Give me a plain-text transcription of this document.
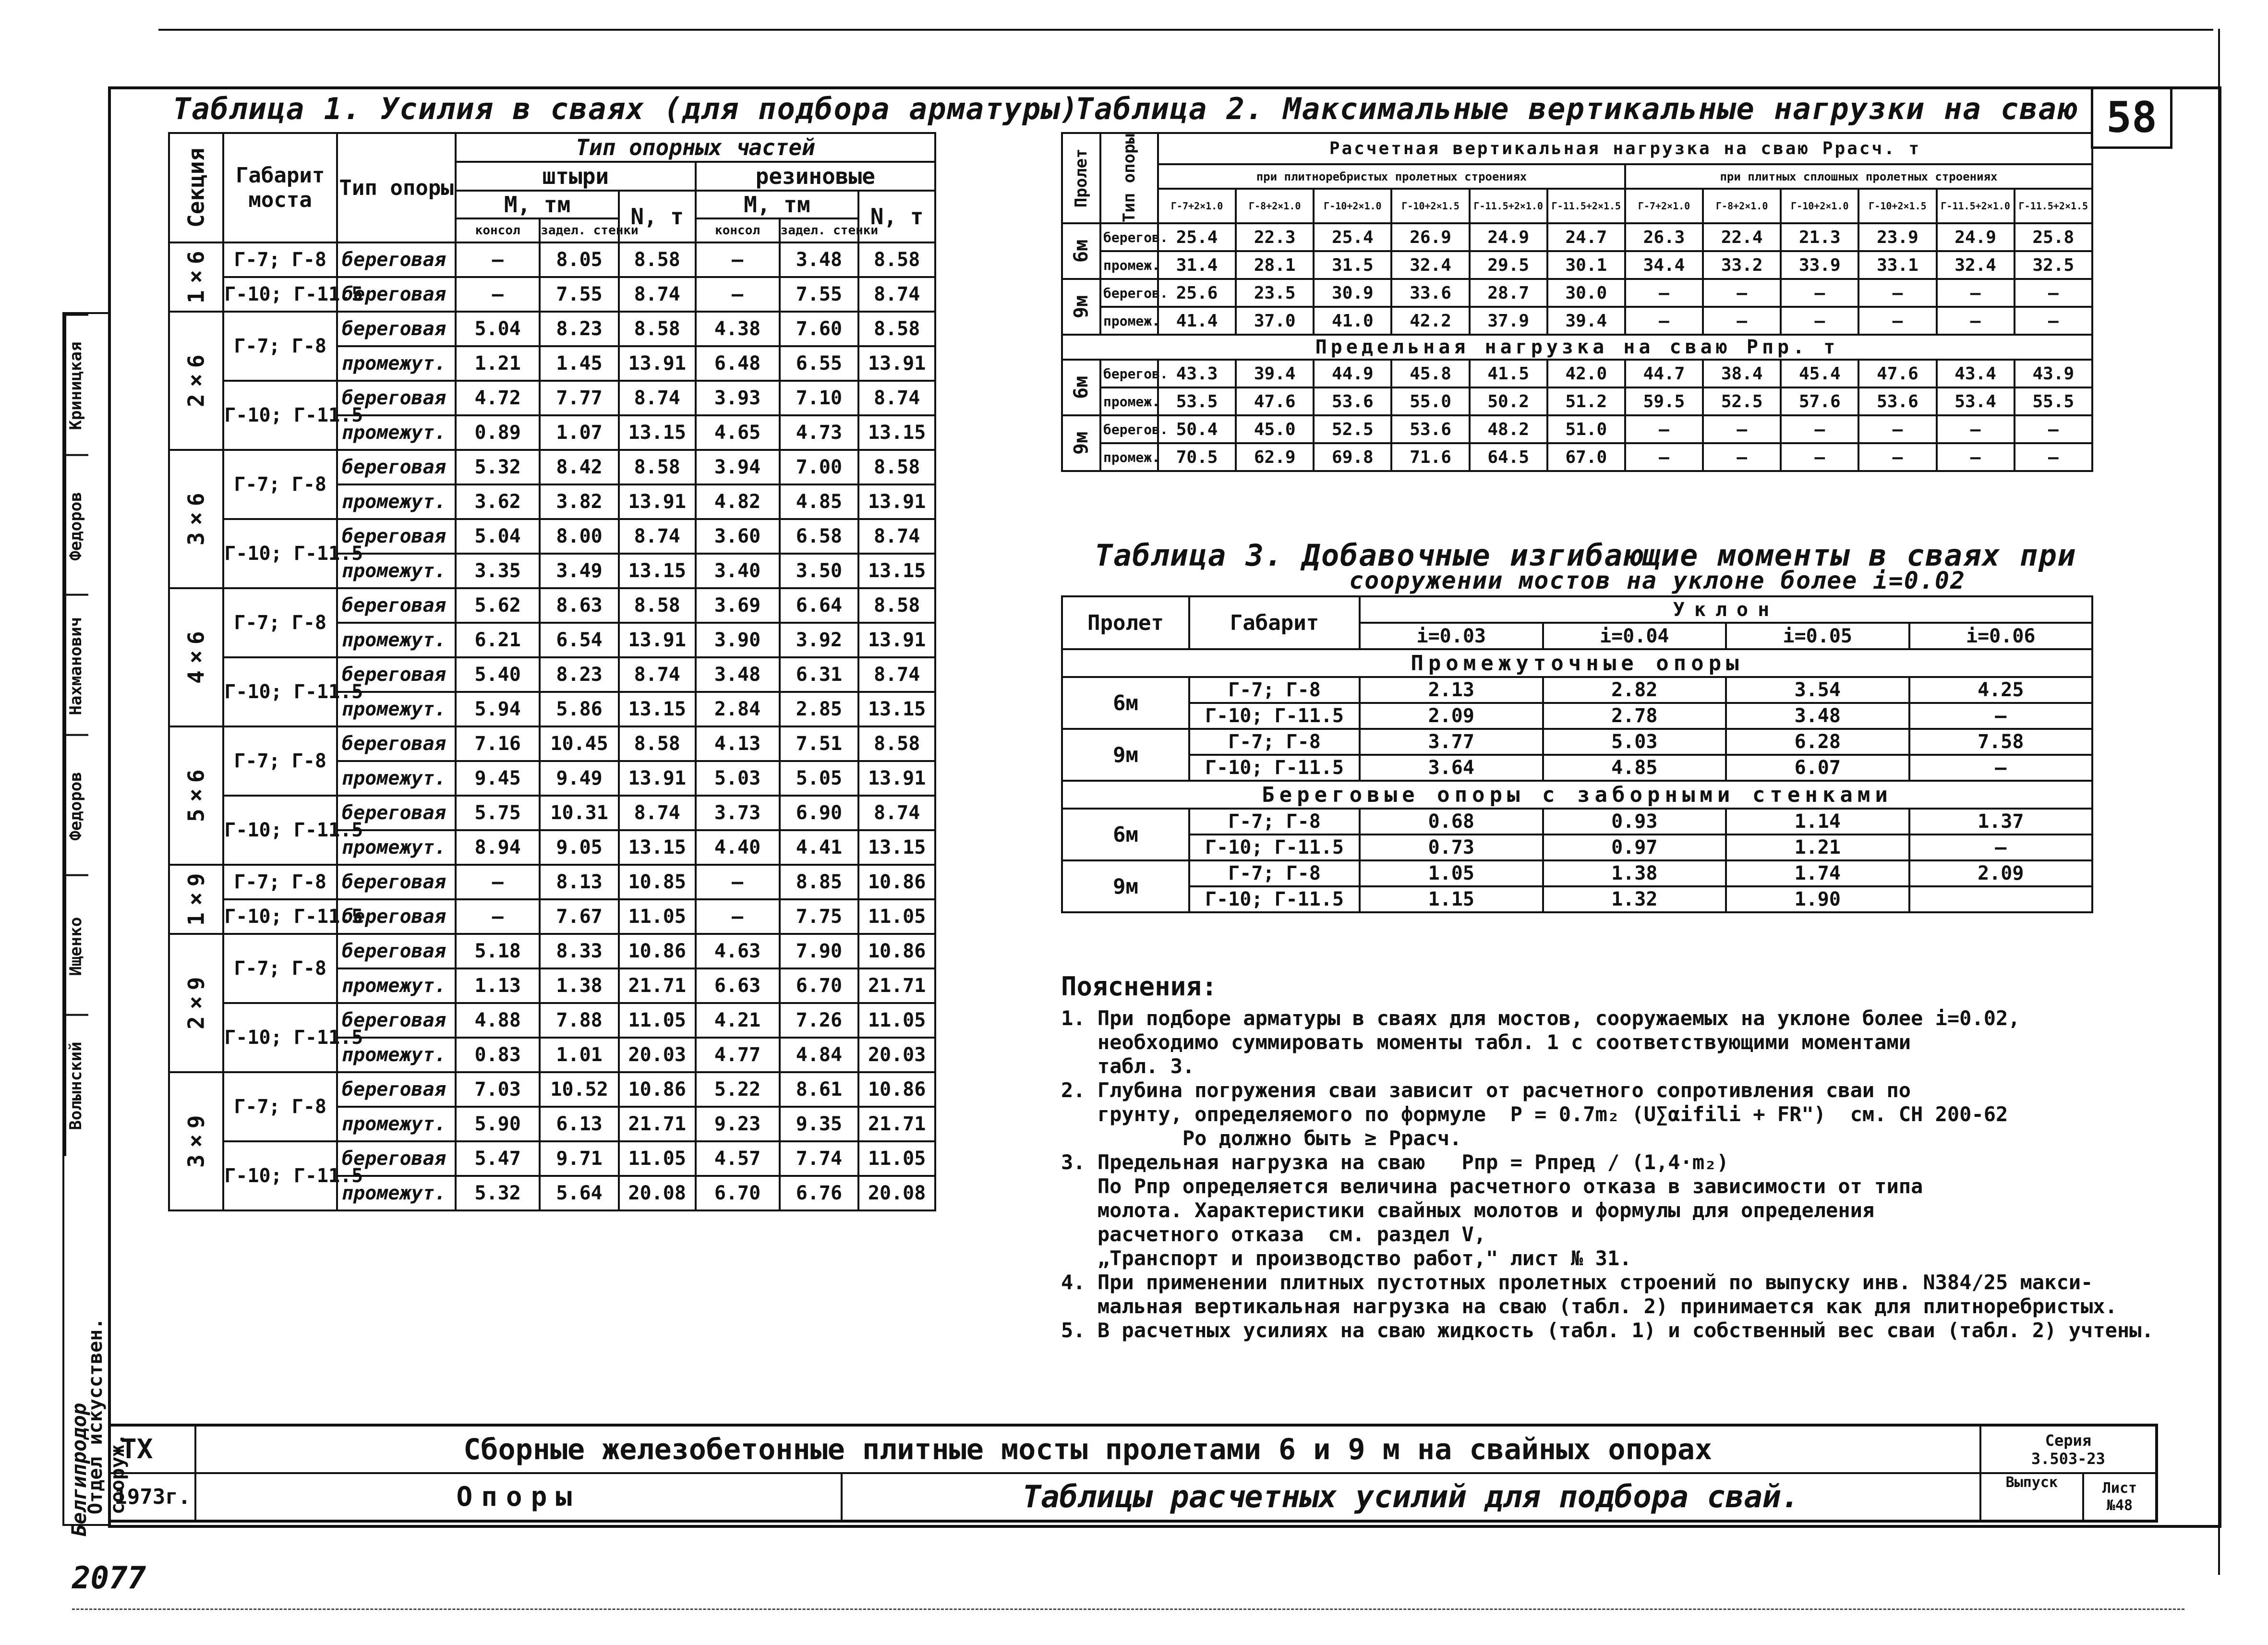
58
Криницкая
Федоров
Нахманович
Федоров
Ищенко
Волынский
Отдел искусствен. сооруж.
Белгипродор
Таблица 1. Усилия в сваях (для подбора арматуры)
Секция	Габарит моста	Тип опоры	Тип опорных частей					
			штыри			резиновые		
			M, тм		N, т	M, тм		N, т
			консол	задел. стенки		консол	задел. стенки	
1×6	Г-7; Г-8	береговая	—	8.05	8.58	—	3.48	8.58
	Г-10; Г-11.5	береговая	—	7.55	8.74	—	7.55	8.74
2×6	Г-7; Г-8	береговая	5.04	8.23	8.58	4.38	7.60	8.58
		промежут.	1.21	1.45	13.91	6.48	6.55	13.91
	Г-10; Г-11.5	береговая	4.72	7.77	8.74	3.93	7.10	8.74
		промежут.	0.89	1.07	13.15	4.65	4.73	13.15
3×6	Г-7; Г-8	береговая	5.32	8.42	8.58	3.94	7.00	8.58
		промежут.	3.62	3.82	13.91	4.82	4.85	13.91
	Г-10; Г-11.5	береговая	5.04	8.00	8.74	3.60	6.58	8.74
		промежут.	3.35	3.49	13.15	3.40	3.50	13.15
4×6	Г-7; Г-8	береговая	5.62	8.63	8.58	3.69	6.64	8.58
		промежут.	6.21	6.54	13.91	3.90	3.92	13.91
	Г-10; Г-11.5	береговая	5.40	8.23	8.74	3.48	6.31	8.74
		промежут.	5.94	5.86	13.15	2.84	2.85	13.15
5×6	Г-7; Г-8	береговая	7.16	10.45	8.58	4.13	7.51	8.58
		промежут.	9.45	9.49	13.91	5.03	5.05	13.91
	Г-10; Г-11.5	береговая	5.75	10.31	8.74	3.73	6.90	8.74
		промежут.	8.94	9.05	13.15	4.40	4.41	13.15
1×9	Г-7; Г-8	береговая	—	8.13	10.85	—	8.85	10.86
	Г-10; Г-11.5	береговая	—	7.67	11.05	—	7.75	11.05
2×9	Г-7; Г-8	береговая	5.18	8.33	10.86	4.63	7.90	10.86
		промежут.	1.13	1.38	21.71	6.63	6.70	21.71
	Г-10; Г-11.5	береговая	4.88	7.88	11.05	4.21	7.26	11.05
		промежут.	0.83	1.01	20.03	4.77	4.84	20.03
3×9	Г-7; Г-8	береговая	7.03	10.52	10.86	5.22	8.61	10.86
		промежут.	5.90	6.13	21.71	9.23	9.35	21.71
	Г-10; Г-11.5	береговая	5.47	9.71	11.05	4.57	7.74	11.05
		промежут.	5.32	5.64	20.08	6.70	6.76	20.08
Таблица 2. Максимальные вертикальные нагрузки на сваю
Пролет	Тип опоры	Расчетная вертикальная нагрузка на сваю Ррасч. т											
		при плитноребристых пролетных строениях						при плитных сплошных пролетных строениях					
		Г-7+2×1.0	Г-8+2×1.0	Г-10+2×1.0	Г-10+2×1.5	Г-11.5+2×1.0	Г-11.5+2×1.5	Г-7+2×1.0	Г-8+2×1.0	Г-10+2×1.0	Г-10+2×1.5	Г-11.5+2×1.0	Г-11.5+2×1.5
6м	берегов.	25.4	22.3	25.4	26.9	24.9	24.7	26.3	22.4	21.3	23.9	24.9	25.8
	промеж.	31.4	28.1	31.5	32.4	29.5	30.1	34.4	33.2	33.9	33.1	32.4	32.5
9м	берегов.	25.6	23.5	30.9	33.6	28.7	30.0	—	—	—	—	—	—
	промеж.	41.4	37.0	41.0	42.2	37.9	39.4	—	—	—	—	—	—
Предельная нагрузка на сваю Рпр. т													
6м	берегов.	43.3	39.4	44.9	45.8	41.5	42.0	44.7	38.4	45.4	47.6	43.4	43.9
	промеж.	53.5	47.6	53.6	55.0	50.2	51.2	59.5	52.5	57.6	53.6	53.4	55.5
9м	берегов.	50.4	45.0	52.5	53.6	48.2	51.0	—	—	—	—	—	—
	промеж.	70.5	62.9	69.8	71.6	64.5	67.0	—	—	—	—	—	—
Таблица 3. Добавочные изгибающие моменты в сваях при
сооружении мостов на уклоне более i=0.02
Пролет	Габарит	Уклон			
		i=0.03	i=0.04	i=0.05	i=0.06
Промежуточные опоры					
6м	Г-7; Г-8	2.13	2.82	3.54	4.25
	Г-10; Г-11.5	2.09	2.78	3.48	—
9м	Г-7; Г-8	3.77	5.03	6.28	7.58
	Г-10; Г-11.5	3.64	4.85	6.07	—
Береговые опоры с заборными стенками					
6м	Г-7; Г-8	0.68	0.93	1.14	1.37
	Г-10; Г-11.5	0.73	0.97	1.21	—
9м	Г-7; Г-8	1.05	1.38	1.74	2.09
	Г-10; Г-11.5	1.15	1.32	1.90	
Пояснения:
1. При подборе арматуры в сваях для мостов, сооружаемых на уклоне более i=0.02,
необходимо суммировать моменты табл. 1 с соответствующими моментами
табл. 3.
2. Глубина погружения сваи зависит от расчетного сопротивления сваи по
грунту, определяемого по формуле  P = 0.7m₂ (U∑αifili + FR")  см. СН 200-62
Pо должно быть ≥ Pрасч.
3. Предельная нагрузка на сваю   Pпр = Pпред / (1,4·m₂)
По Pпр определяется величина расчетного отказа в зависимости от типа
молота. Характеристики свайных молотов и формулы для определения
расчетного отказа  см. раздел V,
„Транспорт и производство работ," лист № 31.
4. При применении плитных пустотных пролетных строений по выпуску инв. N384/25 макси-
мальная вертикальная нагрузка на сваю (табл. 2) принимается как для плитноребристых.
5. В расчетных усилиях на сваю жидкость (табл. 1) и собственный вес сваи (табл. 2) учтены.
ТХ	Сборные железобетонные плитные мосты пролетами 6 и 9 м на свайных опорах		Серия
3.503-23	

1973г.	Опоры	Таблицы расчетных усилий для подбора свай.	Выпуск	Лист
№48
2077
